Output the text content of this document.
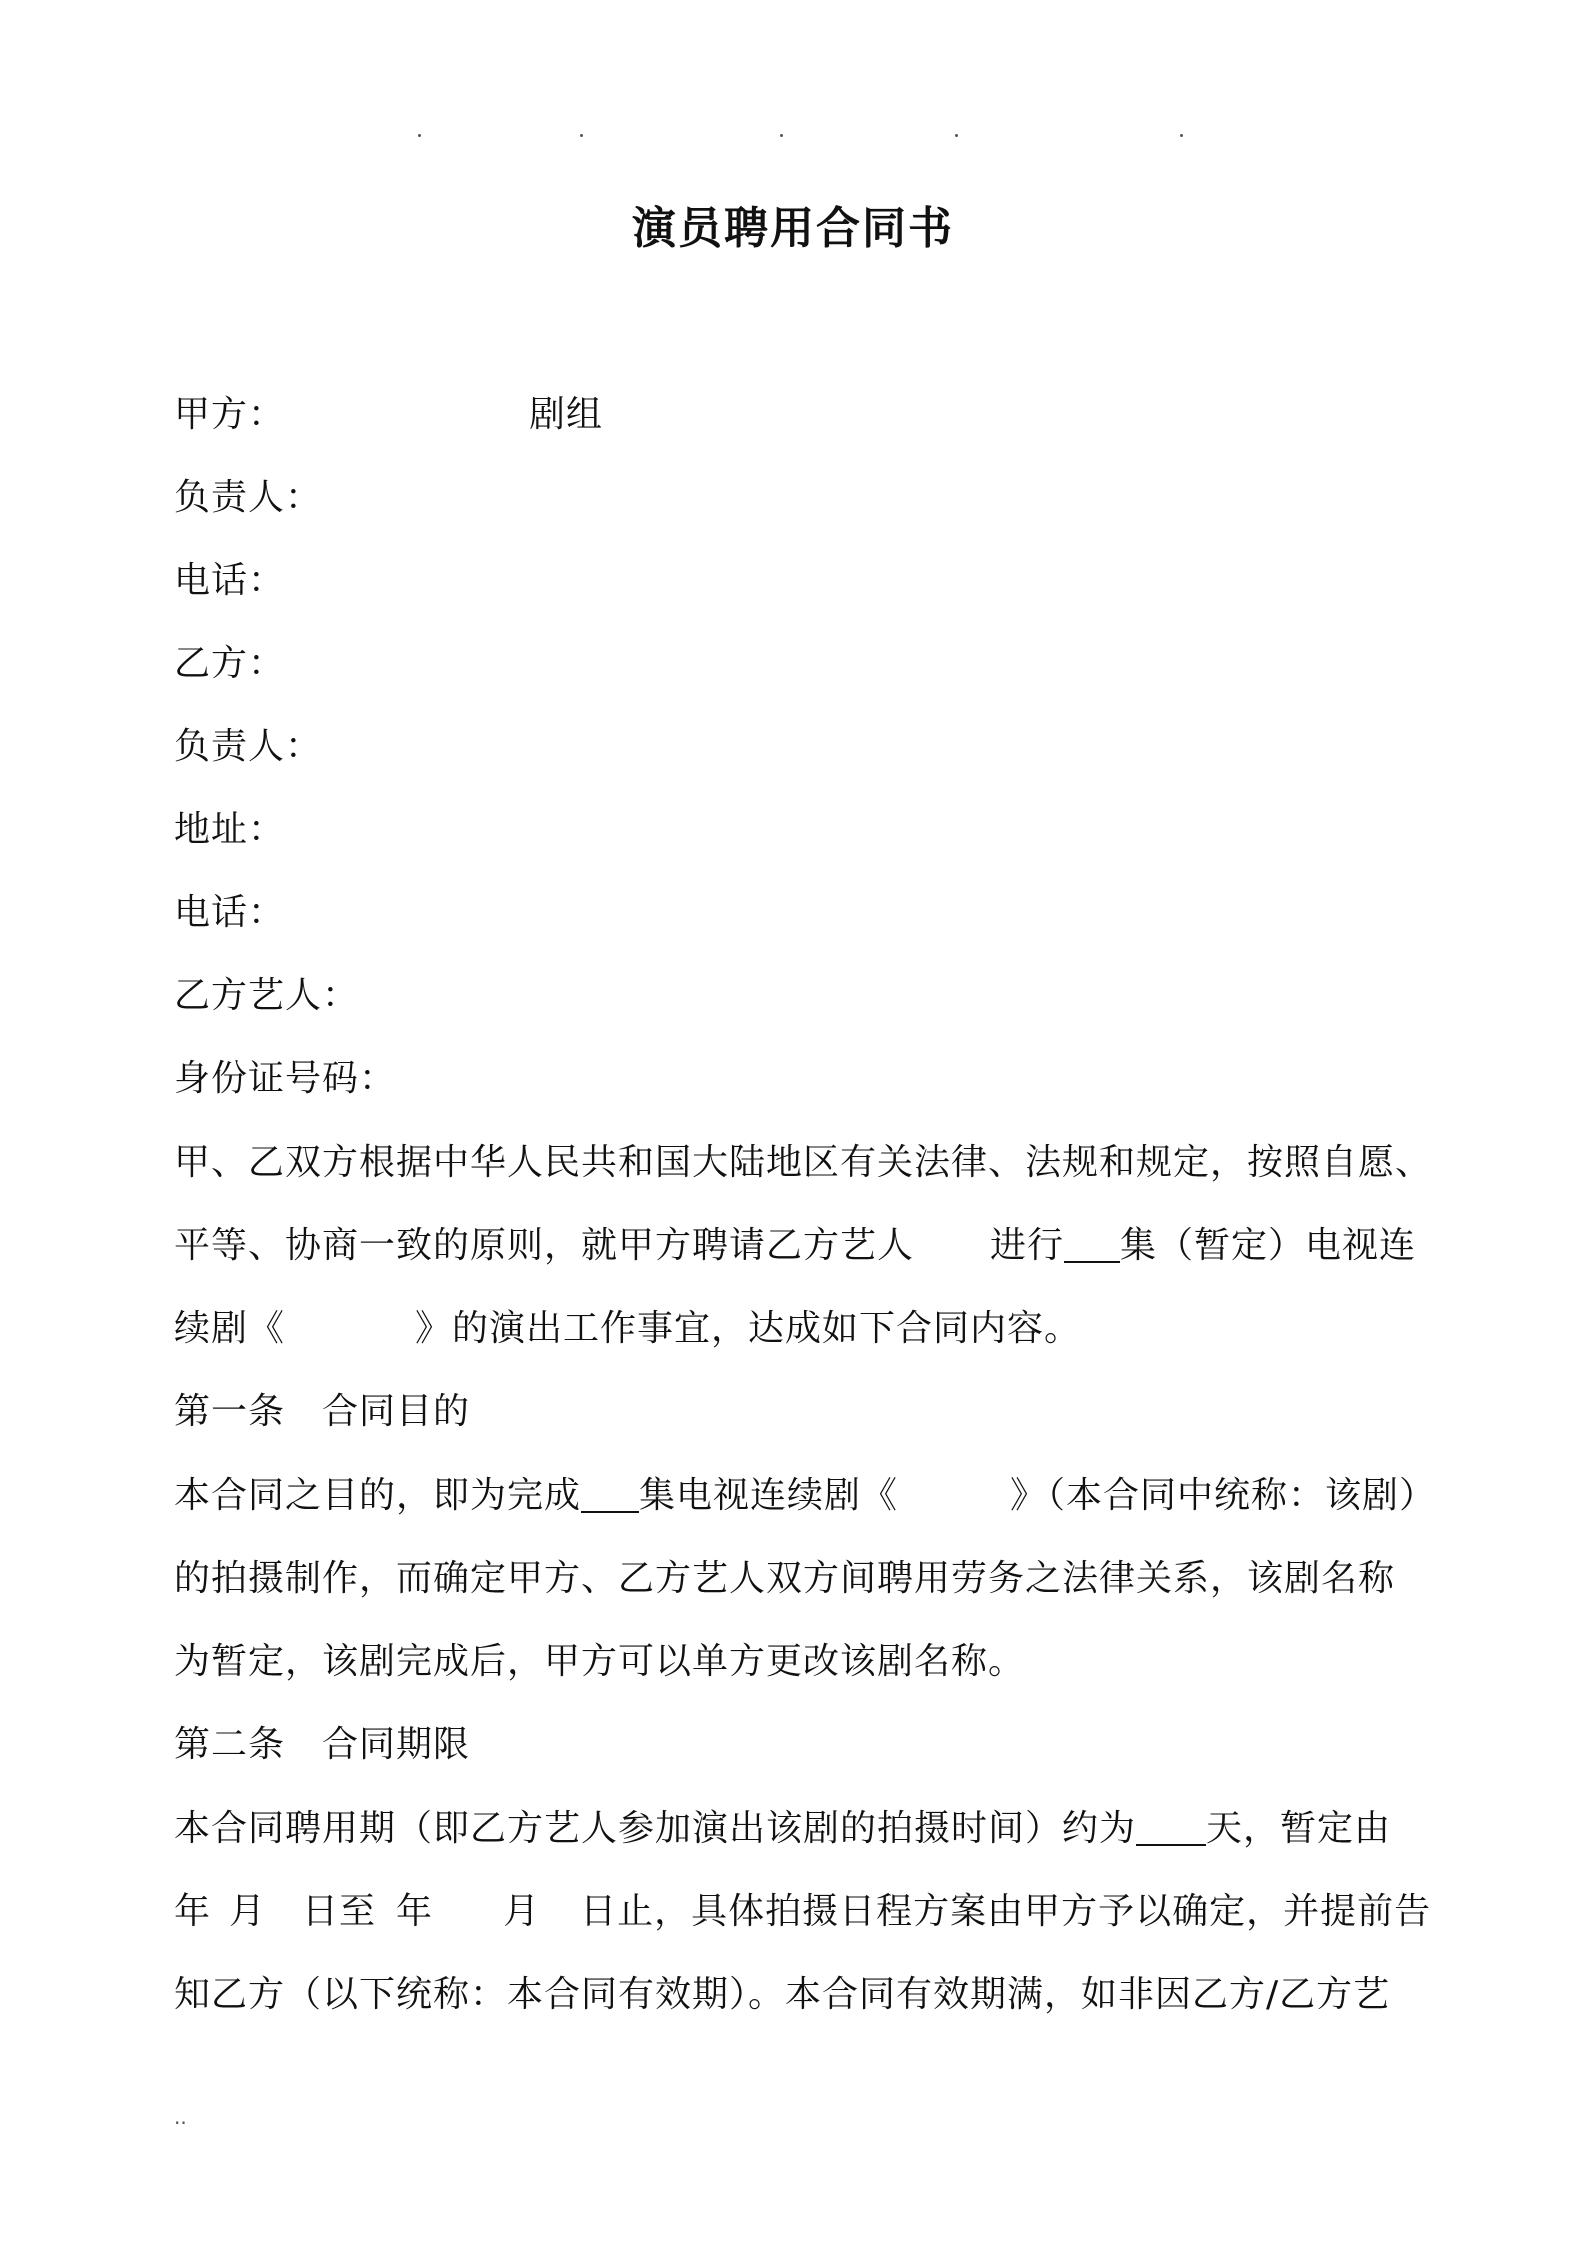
演员聘用合同书
甲方：	剧组
负责人：
电话：
乙方：
负责人：
地址：
电话：
乙方艺人：
身份证号码：
甲、乙双方根据中华人民共和国大陆地区有关法律、法规和规定，按照自愿、
平等、协商一致的原则，就甲方聘请乙方艺人 进行 集（暂定）电视连
续剧《	》的演出工作事宜，达成如下合同内容。
第一条　合同目的
本合同之目的，即为完成 集电视连续剧《	》（本合同中统称：该剧）
的拍摄制作，而确定甲方、乙方艺人双方间聘用劳务之法律关系，该剧名称
为暂定，该剧完成后，甲方可以单方更改该剧名称。
第二条　合同期限
本合同聘用期（即乙方艺人参加演出该剧的拍摄时间）约为 天，暂定由
年 月 日至 年 月 日止，具体拍摄日程方案由甲方予以确定，并提前告
知乙方（以下统称：本合同有效期）。本合同有效期满，如非因乙方/乙方艺
..
